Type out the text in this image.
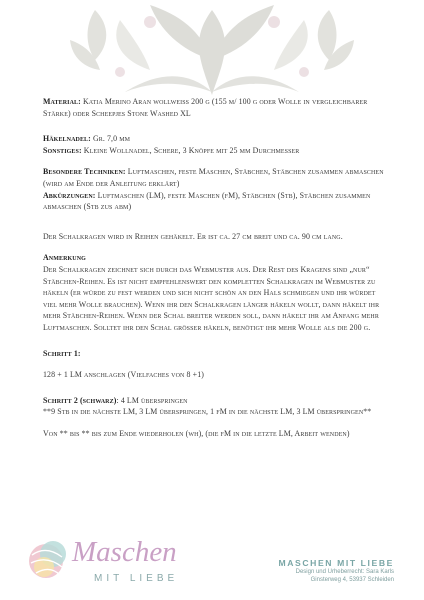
Material: Katia Merino Aran wollweiss 200 g (155 m/ 100 g oder Wolle in vergleichbarer Stärke) oder Scheepjes Stone Washed XL

Häkelnadel: Gr. 7,0 mm

Sonstiges: Kleine Wollnadel, Schere, 3 Knöpfe mit 25 mm Durchmesser

Besondere Techniken: Luftmaschen, feste Maschen, Stäbchen, Stäbchen zusammen abmaschen (wird am Ende der Anleitung erklärt)

Abkürzungen: Luftmaschen (LM), feste Maschen (fM), Stäbchen (Stb), Stäbchen zusammen abmaschen (Stb zus abm)

Der Schalkragen wird in Reihen gehäkelt. Er ist ca. 27 cm breit und ca. 90 cm lang.

Anmerkung

Der Schalkragen zeichnet sich durch das Webmuster aus. Der Rest des Kragens sind „nur“ Stäbchen-Reihen. Es ist nicht empfehlenswert den kompletten Schalkragen im Webmuster zu häkeln (er würde zu fest werden und sich nicht schön an den Hals schmiegen und ihr würdet viel mehr Wolle brauchen). Wenn ihr den Schalkragen länger häkeln wollt, dann häkelt ihr mehr Stäbchen-Reihen. Wenn der Schal breiter werden soll, dann häkelt ihr am Anfang mehr Luftmaschen. Solltet ihr den Schal grösser häkeln, benötigt ihr mehr Wolle als die 200 g.

Schritt 1:

128 + 1 LM anschlagen (Vielfaches von 8 +1)

Schritt 2 (schwarz): 4 LM überspringen

**9 Stb in die nächste LM, 3 LM überspringen, 1 fM in die nächste LM, 3 LM überspringen**

Von ** bis ** bis zum Ende wiederholen (wh), (die fM in die letzte LM, Arbeit wenden)

Maschen
MIT LIEBE
MASCHEN MIT LIEBE
Design und Urheberrecht: Sara Karls
Ginsterweg 4, 53937 Schleiden
